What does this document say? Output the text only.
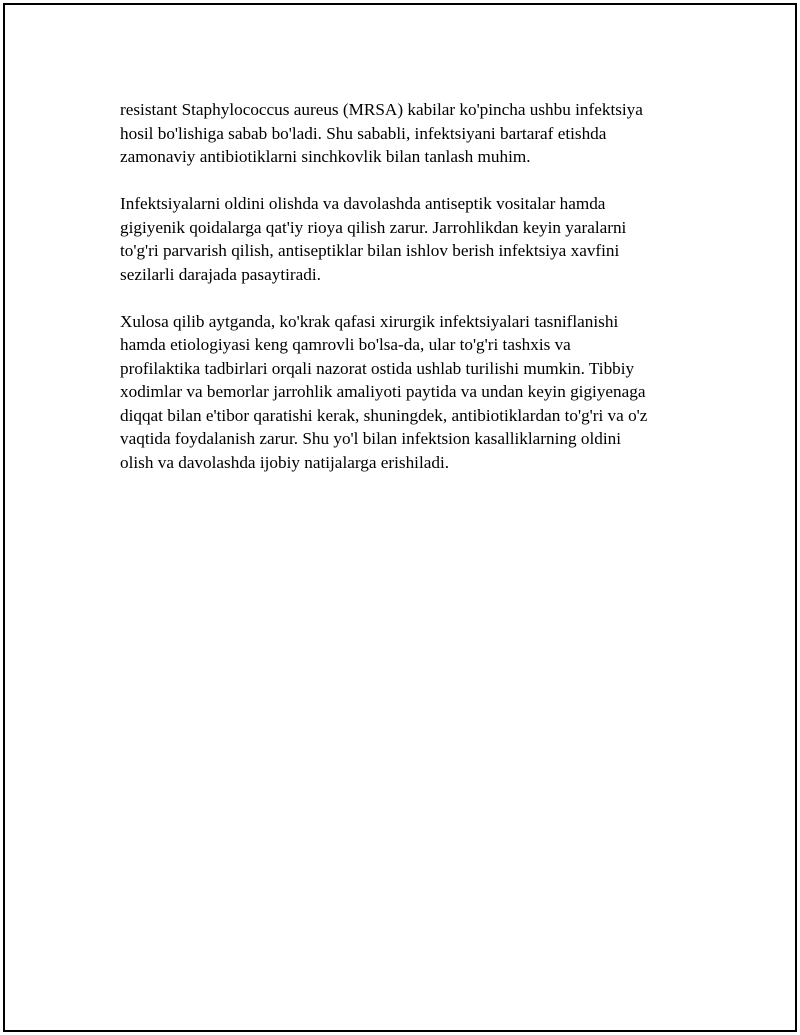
resistant Staphylococcus aureus (MRSA) kabilar ko'pincha ushbu infektsiya
hosil bo'lishiga sabab bo'ladi. Shu sababli, infektsiyani bartaraf etishda
zamonaviy antibiotiklarni sinchkovlik bilan tanlash muhim.

Infektsiyalarni oldini olishda va davolashda antiseptik vositalar hamda
gigiyenik qoidalarga qat'iy rioya qilish zarur. Jarrohlikdan keyin yaralarni
to'g'ri parvarish qilish, antiseptiklar bilan ishlov berish infektsiya xavfini
sezilarli darajada pasaytiradi.

Xulosa qilib aytganda, ko'krak qafasi xirurgik infektsiyalari tasniflanishi
hamda etiologiyasi keng qamrovli bo'lsa-da, ular to'g'ri tashxis va
profilaktika tadbirlari orqali nazorat ostida ushlab turilishi mumkin. Tibbiy
xodimlar va bemorlar jarrohlik amaliyoti paytida va undan keyin gigiyenaga
diqqat bilan e'tibor qaratishi kerak, shuningdek, antibiotiklardan to'g'ri va o'z
vaqtida foydalanish zarur. Shu yo'l bilan infektsion kasalliklarning oldini
olish va davolashda ijobiy natijalarga erishiladi.
